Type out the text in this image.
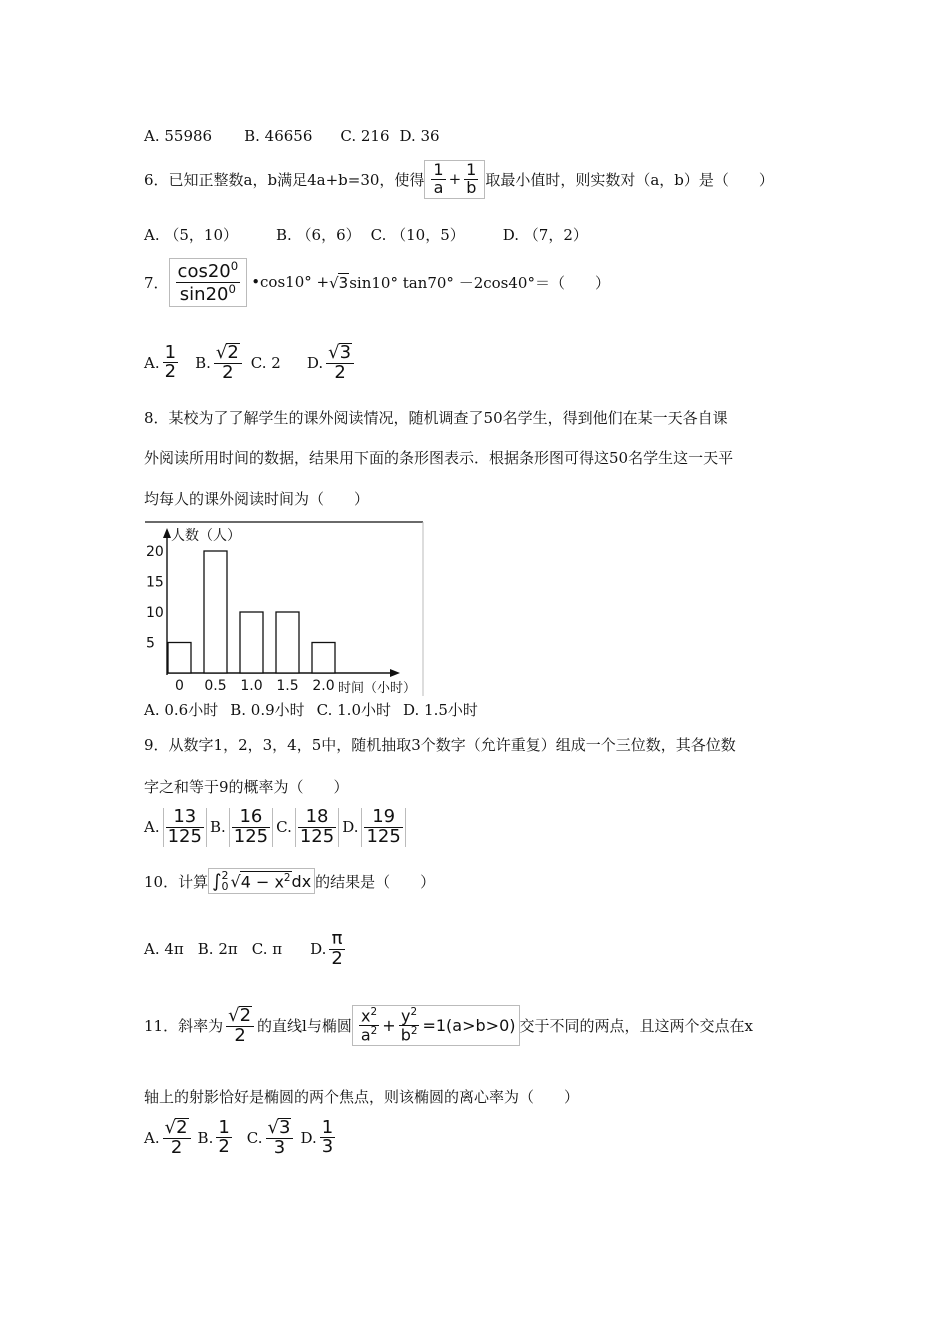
A. 55986 B. 46656 C. 216 D. 36
6．已知正整数a，b满足4a+b=30，使得 $\frac{1}{a} + \frac{1}{b}$ 取最小值时，则实数对（a，b）是（　　）
A. （5，10）	B. （6，6） C. （10，5）	D. （7，2）
7． $\frac{\cos 20^0}{\sin 20^0}$ •cos10° + √ 3 sin10° tan70° －2cos40°＝（　　）
A. $\frac{1}{2} B$. $\frac{√ 2}{2} C$. 2 D. $\frac{√ 3}{2}$
8．某校为了了解学生的课外阅读情况，随机调查了50名学生，得到他们在某一天各自课
外阅读所用时间的数据，结果用下面的条形图表示．根据条形图可得这50名学生这一天平
均每人的课外阅读时间为（　　）
人数（人）
5
10
15
20
0 0.5 1.0 1.5 2.0 时间（小时）
A. 0.6小时 B. 0.9小时 C. 1.0小时 D. 1.5小时
9．从数字1，2，3，4，5中，随机抽取3个数字（允许重复）组成一个三位数，其各位数
字之和等于9的概率为（　　）
A. $\frac{13}{125} B$. $\frac{16}{125} C$. $\frac{18}{125} D$. $\frac{19}{125}$
10．计算 ∫ 2
0 √ $4 - x^2$ dx 的结果是（　　）
A. 4π B. 2π C. π D. $\frac{\pi}{2}$
11．斜率为 $\frac{√ 2}{2}$ 的直线l与椭圆 $\frac{x^2}{a^2} + \frac{y^2}{b^2} =1(a>b>0)$ 交于不同的两点，且这两个交点在x
轴上的射影恰好是椭圆的两个焦点，则该椭圆的离心率为（　　）
A. $\frac{√ 2}{2} B$. $\frac{1}{2} C$. $\frac{√ 3}{3} D$. $\frac{1}{3}$
